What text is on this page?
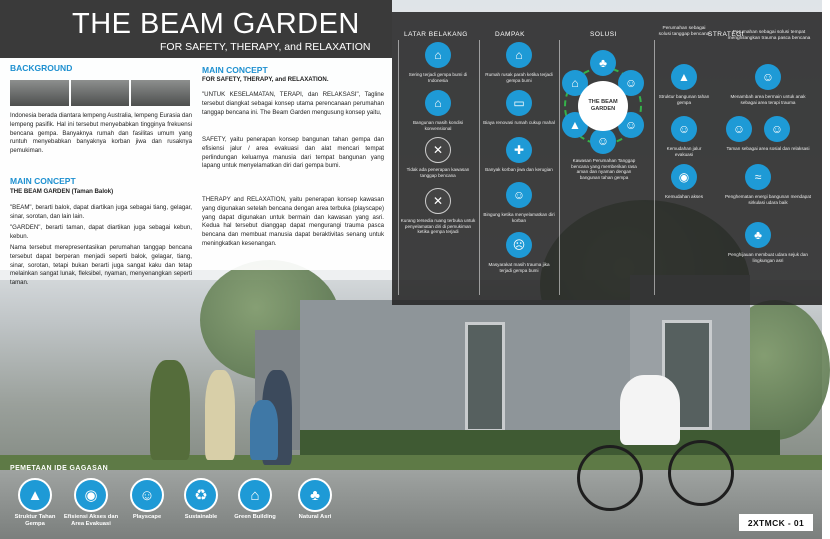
THE BEAM GARDEN
FOR SAFETY, THERAPY, and RELAXATION
BACKGROUND
Indonesia berada diantara lempeng Australia, lempeng Eurasia dan lempeng pasifik. Hal ini tersebut menyebabkan tingginya frekuensi bencana gempa. Banyaknya rumah dan fasilitas umum yang runtuh menyebabkan banyaknya korban jiwa dan rusaknya pemukiman.
MAIN CONCEPT
THE BEAM GARDEN (Taman Balok)
"BEAM", berarti balok, dapat diartikan juga sebagai tiang, gelagar, sinar, sorotan, dan lain lain.
"GARDEN", berarti taman, dapat diartikan juga sebagai kebun, kebun.
Nama tersebut merepresentasikan perumahan tanggap bencana tersebut dapat berperan menjadi seperti balok, gelagar, tiang, sinar, sorotan, tetapi bukan berarti juga sangat kaku dan tetap melainkan sangat lunak, fleksibel, nyaman, menyenangkan seperti taman.
MAIN CONCEPT
FOR SAFETY, THERAPY, and RELAXATION.
"UNTUK KESELAMATAN, TERAPI, dan RELAKSASI", Tagline tersebut diangkat sebagai konsep utama perencanaan perumahan tanggap bencana ini. The Beam Garden mengusung konsep yaitu,
SAFETY, yaitu penerapan konsep bangunan tahan gempa dan efisiensi jalur / area evakuasi dan alat mencari tempat perlindungan keluarnya manusia dari tempat bangunan yang lapang untuk menyelamatkan diri dari gempa bumi.
THERAPY and RELAXATION, yaitu penerapan konsep kawasan yang digunakan setelah bencana dengan area terbuka (playscape) yang dapat digunakan untuk bermain dan kawasan yang asri. Kedua hal tersebut dianggap dapat mengurangi trauma pasca bencana dan membuat manusia dapat beraktivitas senang untuk meningkatkan kesenangan.
LATAR BELAKANG	DAMPAK	SOLUSI	STRATEGI
⌂
Sering terjadi gempa bumi di Indonesia
⌂
Bangunan masih kondisi konvensional
✕
Tidak ada penerapan kawasan tanggap bencana
✕
Kurang tersedia ruang terbuka untuk penyelamatan diri di pemukiman ketika gempa terjadi
⌂
Rumah rusak parah ketika terjadi gempa bumi
▭
Biaya renovasi rumah cukup mahal
✚
Banyak korban jiwa dan kerugian
☺
Bingung ketika menyelamatkan diri korban
☹
Masyarakat masih trauma jika terjadi gempa bumi
♣
☺
☺
☺
▲
⌂
THE BEAM GARDEN
Kawasan Perumahan Tanggap bencana yang memberikan rasa aman dan nyaman dengan bangunan tahan gempa
Perumahan sebagai solusi tanggap bencana	Perumahan sebagai solusi tempat menghilangkan trauma pasca bencana
▲
Struktur bangunan tahan gempa
☺
Kemudahan jalur evakuasi
◉
Kemudahan akses
☺
Menambah area bermain untuk anak sebagai area terapi trauma
☺	☺
Taman sebagai area sosial dan relaksasi
≈
Penghematan energi bangunan mendapat sirkulasi udara baik
♣
Penghijauan membuat udara sejuk dan lingkungan asri
PEMETAAN IDE GAGASAN
▲
Struktur Tahan Gempa
◉
Efisiensi Akses dan Area Evakuasi
☺
Playscape
♻
Sustainable
⌂
Green Building
♣
Natural Asri
2XTMCK - 01
